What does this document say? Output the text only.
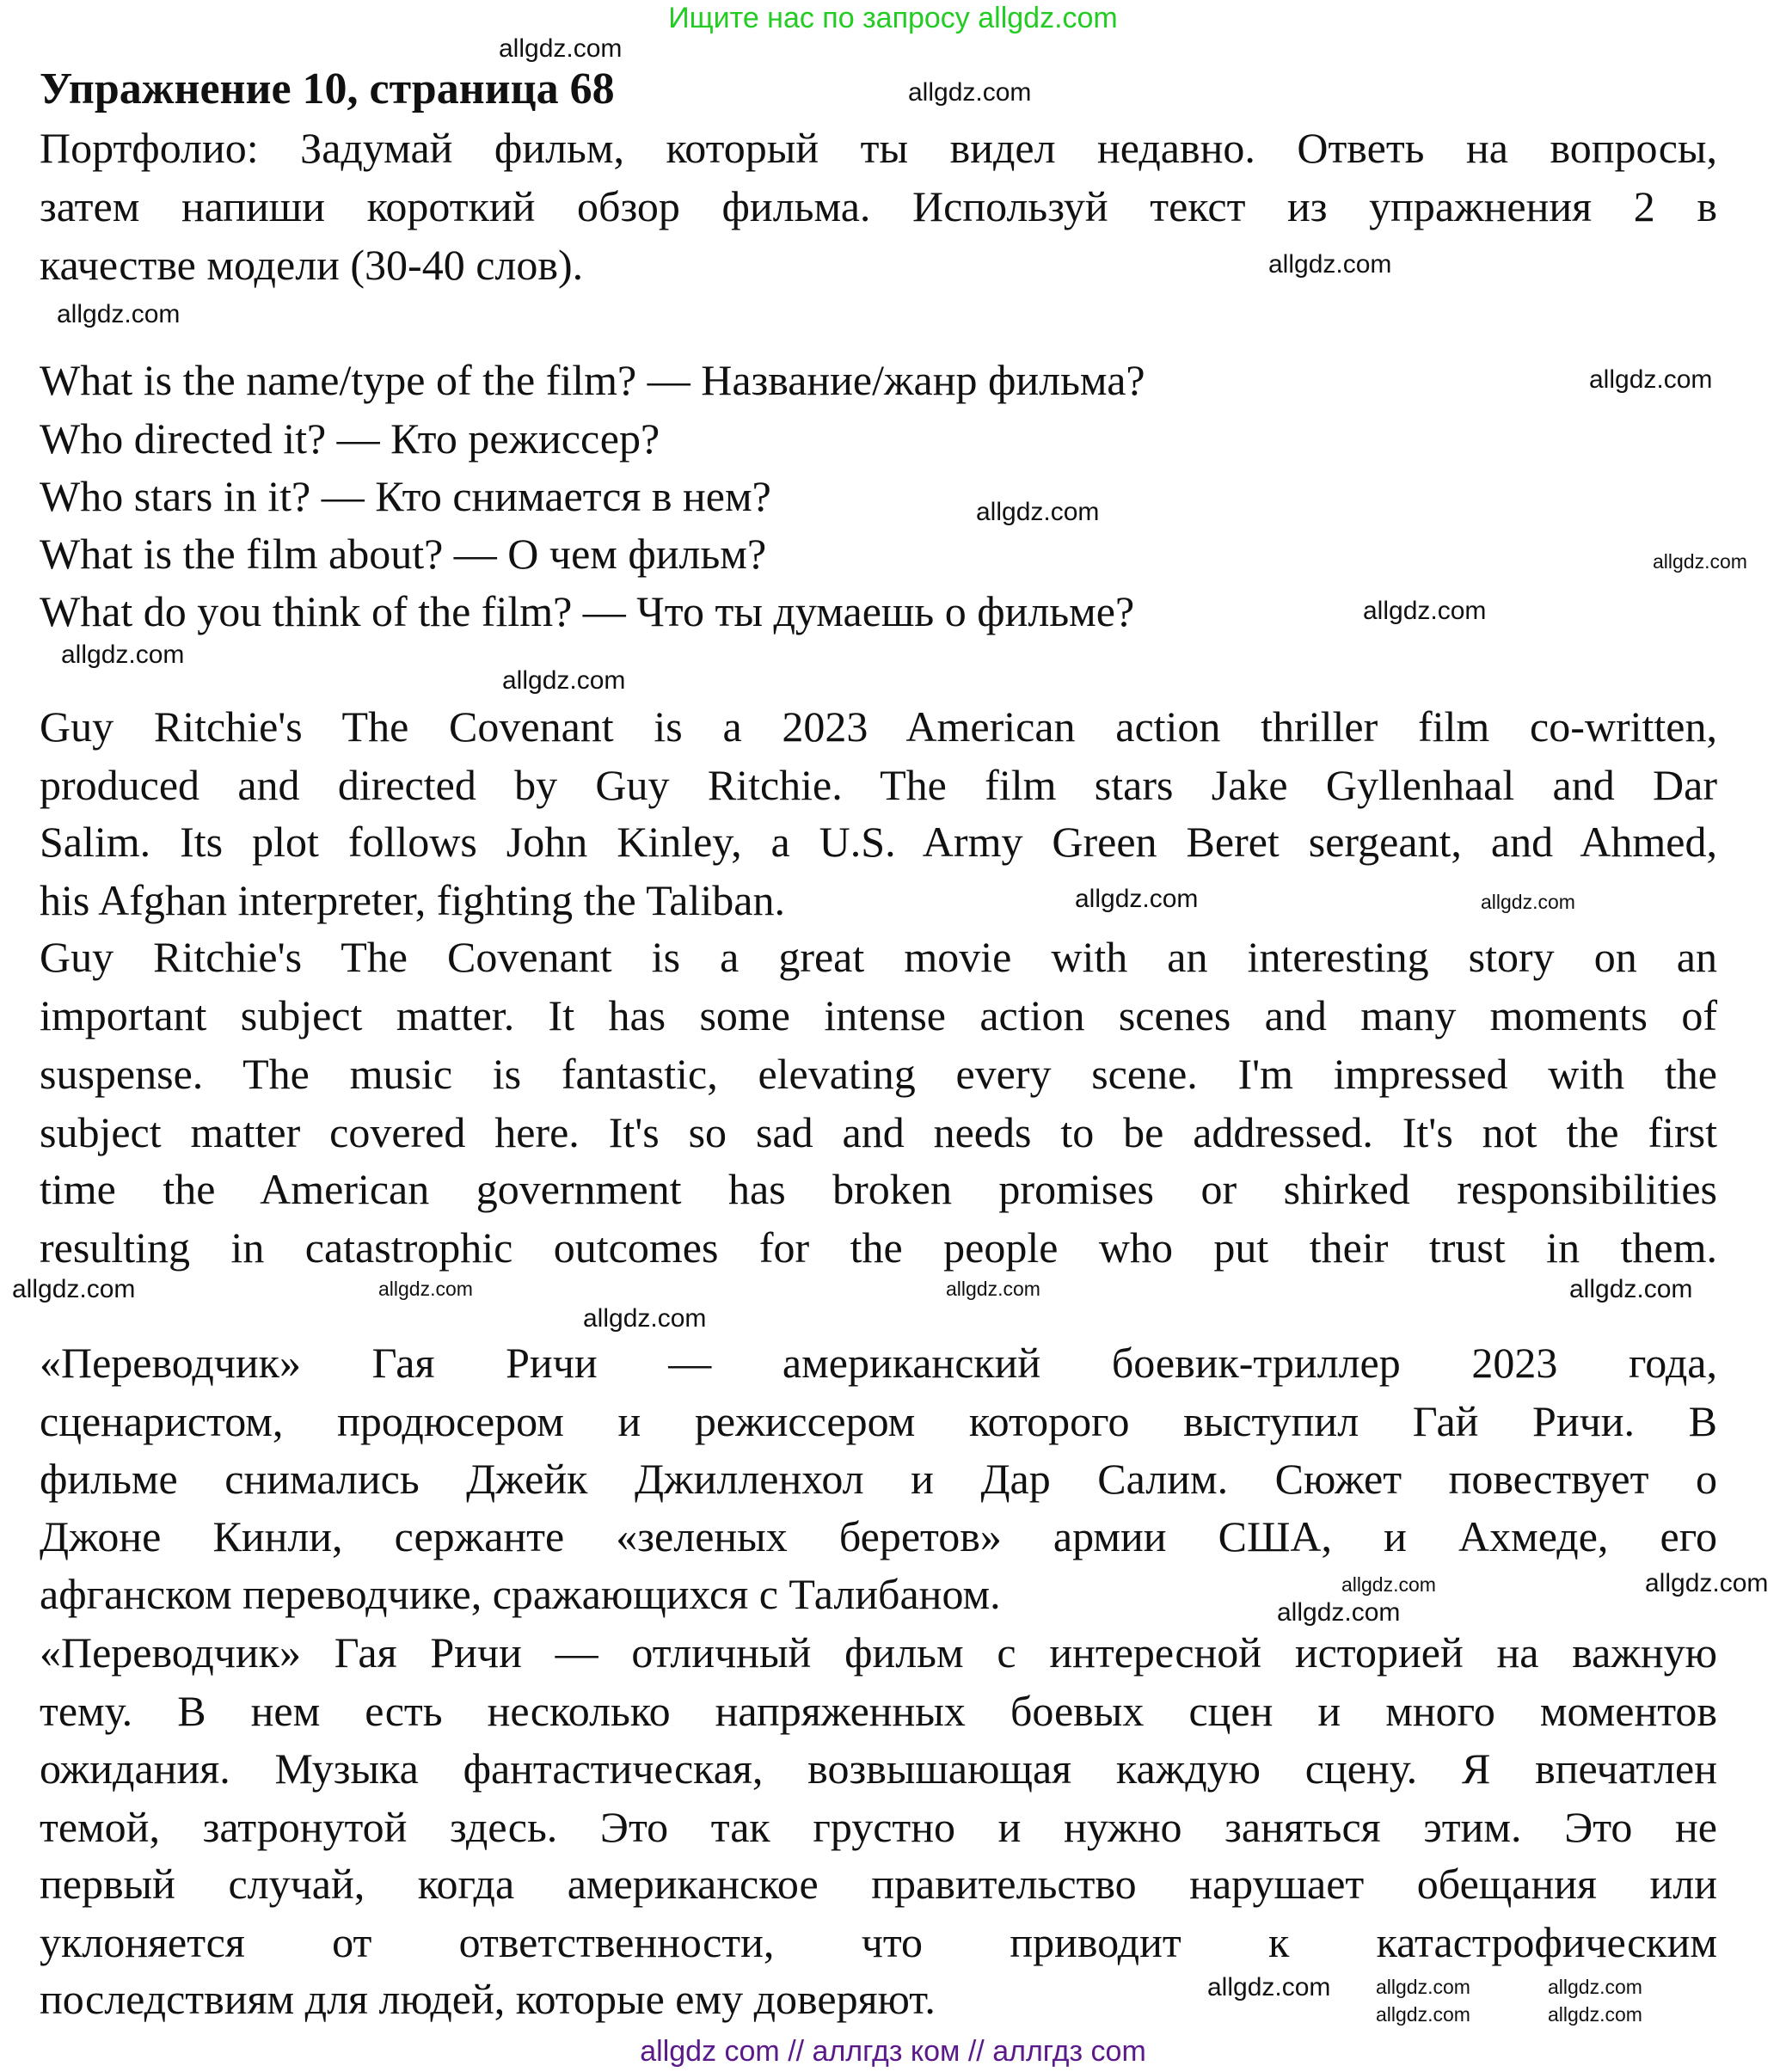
Ищите нас по запросу allgdz.com
Упражнение 10, страница 68
Портфолио: Задумай фильм, который ты видел недавно. Ответь на вопросы,
затем напиши короткий обзор фильма. Используй текст из упражнения 2 в
качестве модели (30-40 слов).
What is the name/type of the film? — Название/жанр фильма?
Who directed it? — Кто режиссер?
Who stars in it? — Кто снимается в нем?
What is the film about? — О чем фильм?
What do you think of the film? — Что ты думаешь о фильме?
Guy Ritchie's The Covenant is a 2023 American action thriller film co-written,
produced and directed by Guy Ritchie. The film stars Jake Gyllenhaal and Dar
Salim. Its plot follows John Kinley, a U.S. Army Green Beret sergeant, and Ahmed,
his Afghan interpreter, fighting the Taliban.
Guy Ritchie's The Covenant is a great movie with an interesting story on an
important subject matter. It has some intense action scenes and many moments of
suspense. The music is fantastic, elevating every scene. I'm impressed with the
subject matter covered here. It's so sad and needs to be addressed. It's not the first
time the American government has broken promises or shirked responsibilities
resulting in catastrophic outcomes for the people who put their trust in them.
«Переводчик» Гая Ричи — американский боевик-триллер 2023 года,
сценаристом, продюсером и режиссером которого выступил Гай Ричи. В
фильме снимались Джейк Джилленхол и Дар Салим. Сюжет повествует о
Джоне Кинли, сержанте «зеленых беретов» армии США, и Ахмеде, его
афганском переводчике, сражающихся с Талибаном.
«Переводчик» Гая Ричи — отличный фильм с интересной историей на важную
тему. В нем есть несколько напряженных боевых сцен и много моментов
ожидания. Музыка фантастическая, возвышающая каждую сцену. Я впечатлен
темой, затронутой здесь. Это так грустно и нужно заняться этим. Это не
первый случай, когда американское правительство нарушает обещания или
уклоняется от ответственности, что приводит к катастрофическим
последствиям для людей, которые ему доверяют.
allgdz.com
allgdz.com
allgdz.com
allgdz.com
allgdz.com
allgdz.com
allgdz.com
allgdz.com
allgdz.com
allgdz.com
allgdz.com	allgdz.com
allgdz.com
allgdz.com	allgdz.com
allgdz.com
allgdz.com
allgdz.com	allgdz.com
allgdz.com
allgdz.com	allgdz.com
allgdz.com	allgdz.com
allgdz.com
allgdz com // аллгдз ком // аллгдз com
